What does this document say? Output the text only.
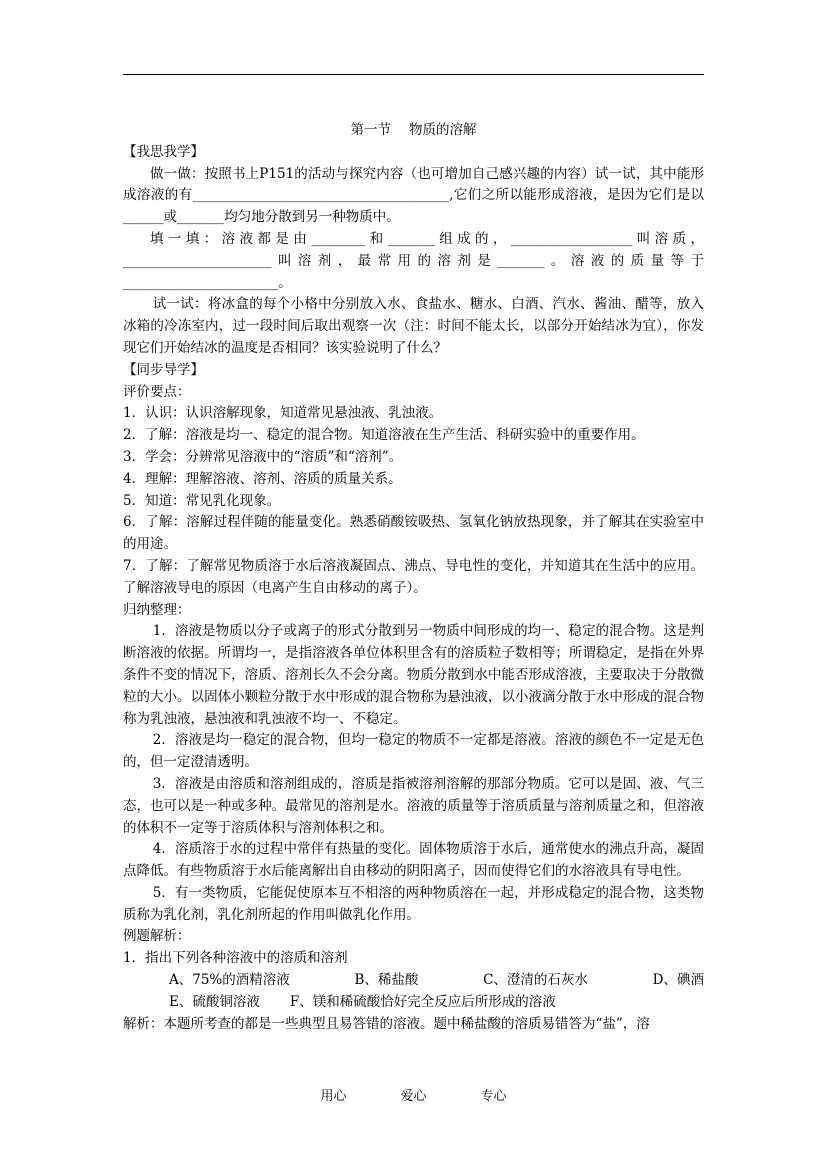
第一节 物质的溶解

【我思我学】

做一做：按照书上P151的活动与探究内容（也可增加自己感兴趣的内容）试一试，其中能形成溶液的有______________________________________,它们之所以能形成溶液，是因为它们是以______或_______均匀地分散到另一种物质中。

填一填：溶液都是由________和_______组成的，__________________叫溶质，______________________叫溶剂，最常用的溶剂是_______。溶液的质量等于_______________________。

试一试：将冰盒的每个小格中分别放入水、食盐水、糖水、白酒、汽水、酱油、醋等，放入冰箱的冷冻室内，过一段时间后取出观察一次（注：时间不能太长，以部分开始结冰为宜），你发现它们开始结冰的温度是否相同？该实验说明了什么？

【同步导学】

评价要点：

1．认识：认识溶解现象，知道常见悬浊液、乳浊液。

2．了解：溶液是均一、稳定的混合物。知道溶液在生产生活、科研实验中的重要作用。

3．学会：分辨常见溶液中的“溶质”和“溶剂”。

4．理解：理解溶液、溶剂、溶质的质量关系。

5．知道：常见乳化现象。

6．了解：溶解过程伴随的能量变化。熟悉硝酸铵吸热、氢氧化钠放热现象，并了解其在实验室中的用途。

7．了解：了解常见物质溶于水后溶液凝固点、沸点、导电性的变化，并知道其在生活中的应用。了解溶液导电的原因（电离产生自由移动的离子）。

归纳整理：

1．溶液是物质以分子或离子的形式分散到另一物质中间形成的均一、稳定的混合物。这是判断溶液的依据。所谓均一，是指溶液各单位体积里含有的溶质粒子数相等；所谓稳定，是指在外界条件不变的情况下，溶质、溶剂长久不会分离。物质分散到水中能否形成溶液，主要取决于分散微粒的大小。以固体小颗粒分散于水中形成的混合物称为悬浊液，以小液滴分散于水中形成的混合物称为乳浊液，悬浊液和乳浊液不均一、不稳定。

2．溶液是均一稳定的混合物，但均一稳定的物质不一定都是溶液。溶液的颜色不一定是无色的，但一定澄清透明。

3．溶液是由溶质和溶剂组成的，溶质是指被溶剂溶解的那部分物质。它可以是固、液、气三态，也可以是一种或多种。最常见的溶剂是水。溶液的质量等于溶质质量与溶剂质量之和，但溶液的体积不一定等于溶质体积与溶剂体积之和。

4．溶质溶于水的过程中常伴有热量的变化。固体物质溶于水后，通常使水的沸点升高，凝固点降低。有些物质溶于水后能离解出自由移动的阴阳离子，因而使得它们的水溶液具有导电性。

5．有一类物质，它能促使原本互不相溶的两种物质溶在一起，并形成稳定的混合物，这类物质称为乳化剂，乳化剂所起的作用叫做乳化作用。

例题解析：

1．指出下列各种溶液中的溶质和溶剂

A、75%的酒精溶液	B、稀盐酸	C、澄清的石灰水	D、碘酒

E、硫酸铜溶液 F、镁和稀硫酸恰好完全反应后所形成的溶液

解析：本题所考查的都是一些典型且易答错的溶液。题中稀盐酸的溶质易错答为“盐”，溶

用心	爱心	专心
